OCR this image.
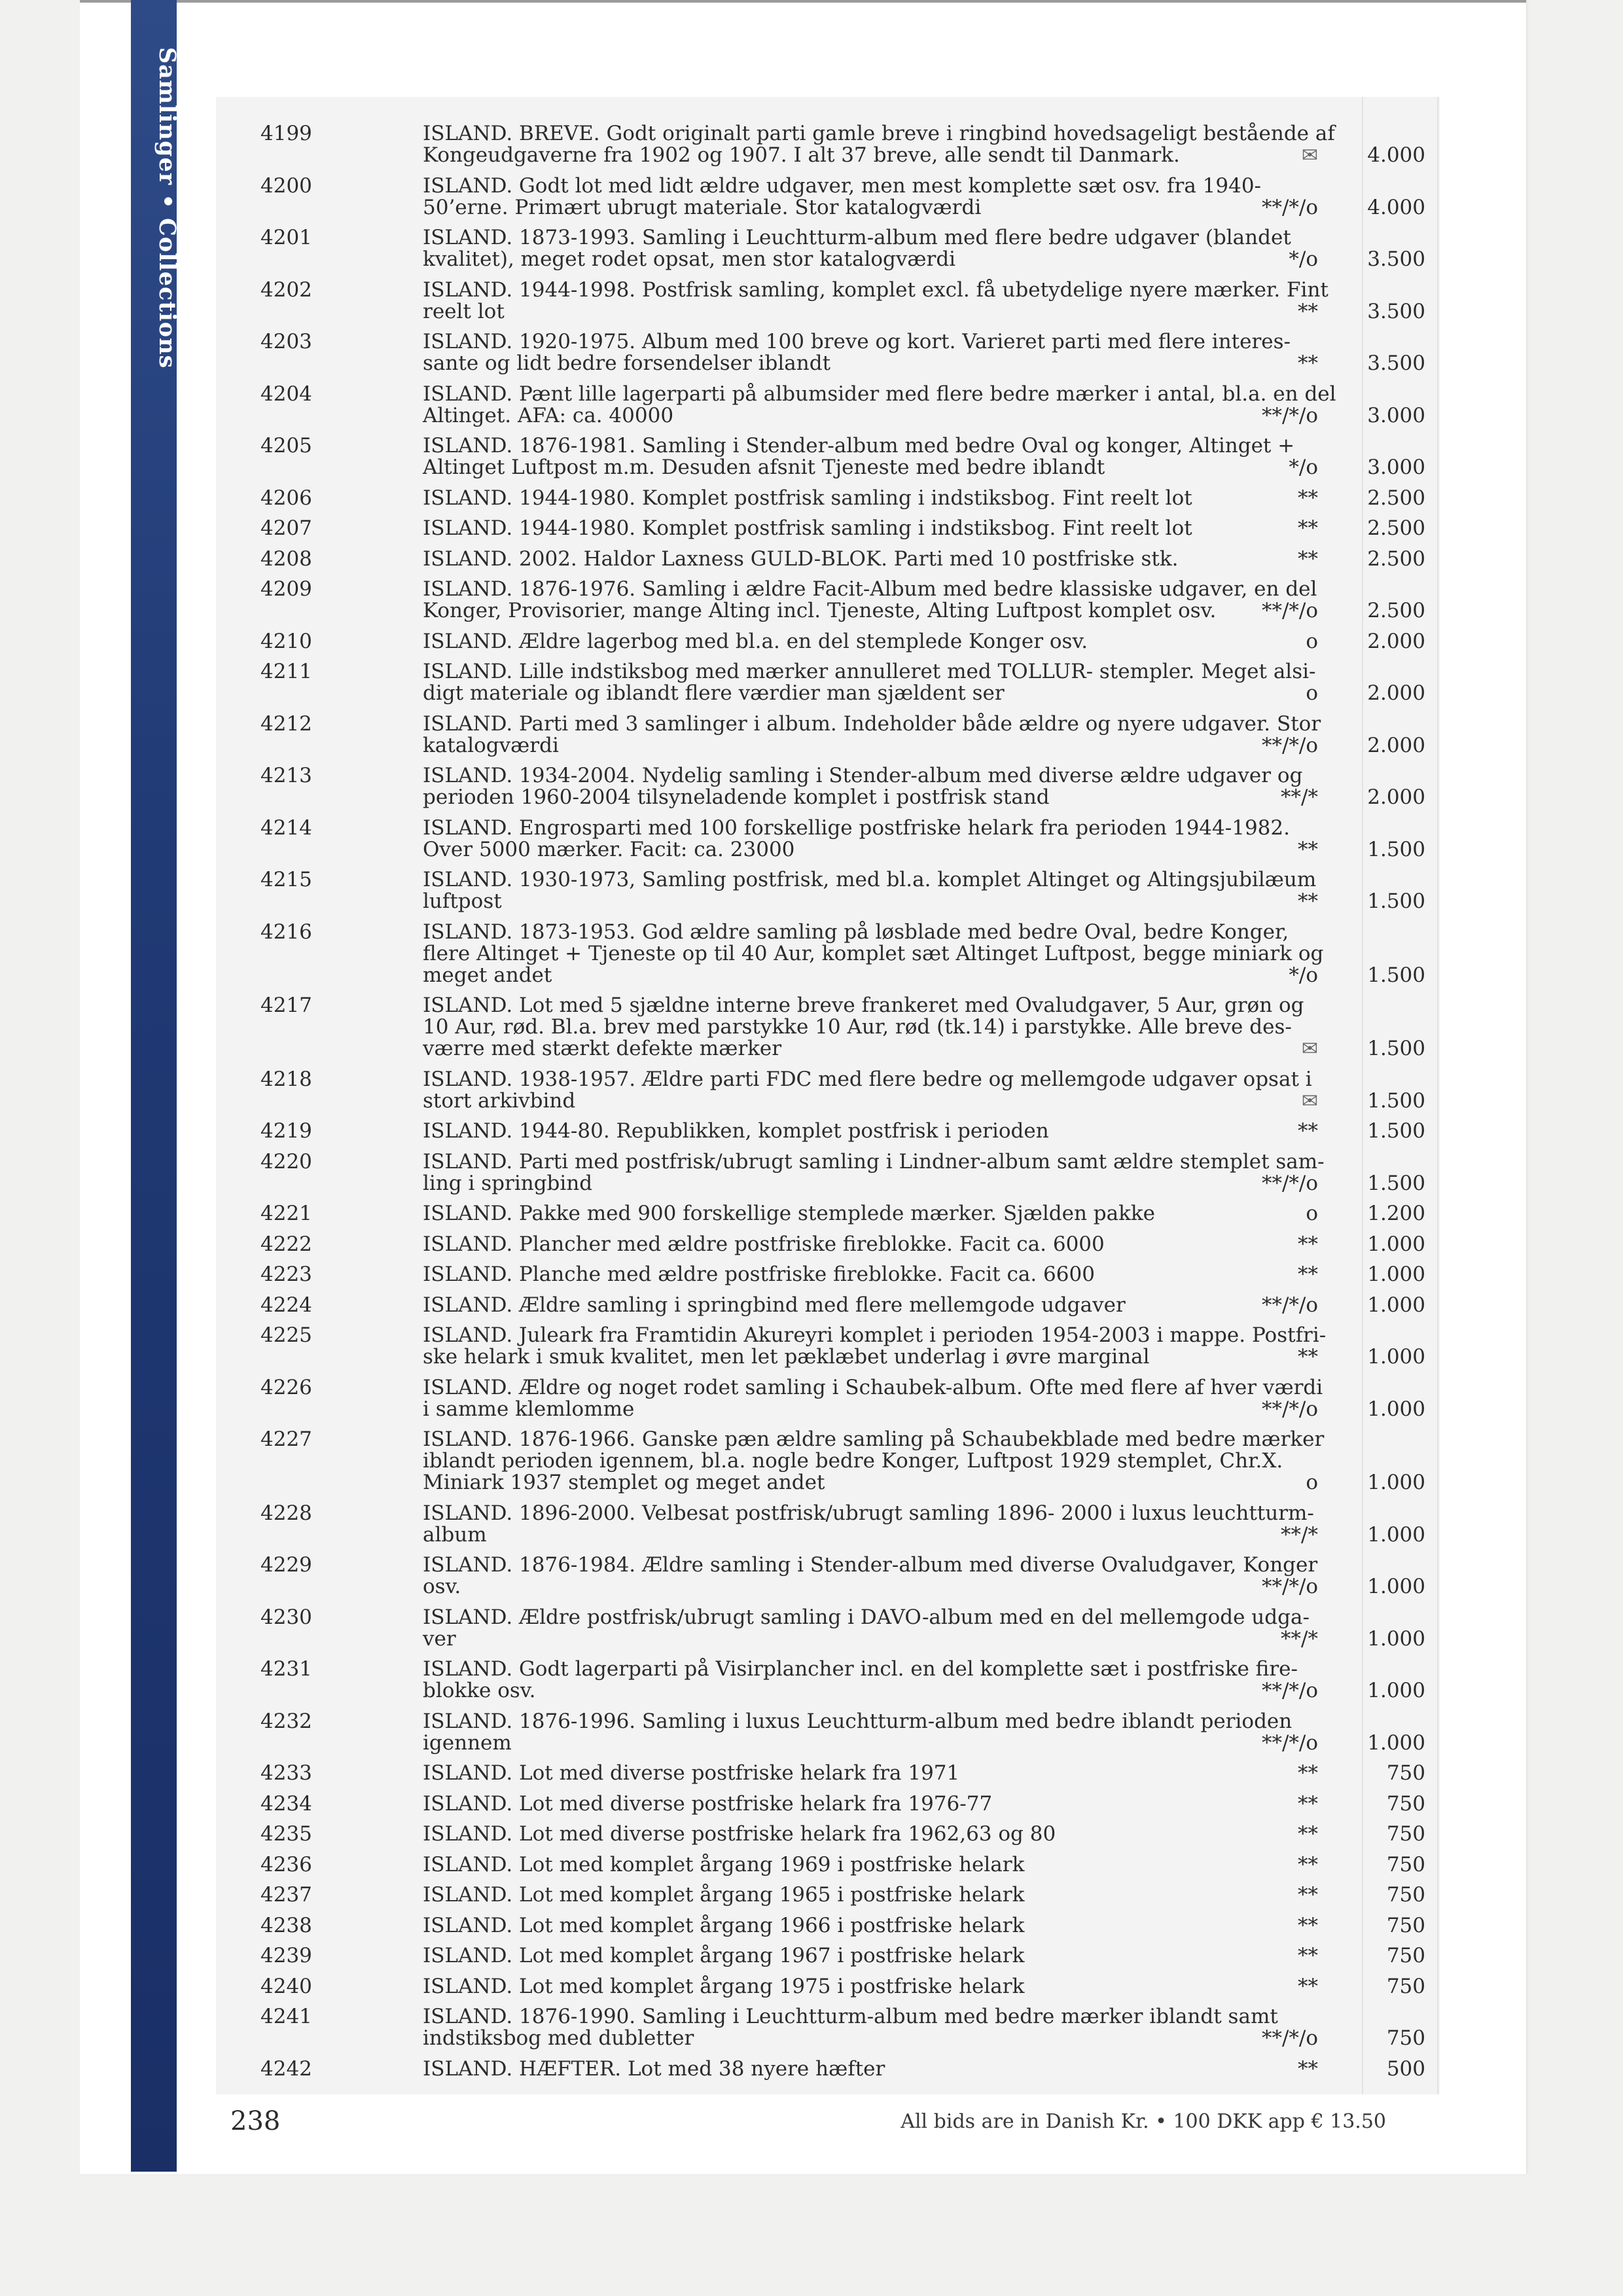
Samlinger • Collections	4199	ISLAND. BREVE. Godt originalt parti gamle breve i ringbind hovedsageligt bestående af
Kongeudgaverne fra 1902 og 1907. I alt 37 breve, alle sendt til Danmark.	✉ 4.000
4200	ISLAND. Godt lot med lidt ældre udgaver, men mest komplette sæt osv. fra 1940-
50’erne. Primært ubrugt materiale. Stor katalogværdi	**/*/o 4.000
4201	ISLAND. 1873-1993. Samling i Leuchtturm-album med flere bedre udgaver (blandet
kvalitet), meget rodet opsat, men stor katalogværdi	*/o 3.500
4202	ISLAND. 1944-1998. Postfrisk samling, komplet excl. få ubetydelige nyere mærker. Fint
reelt lot	** 3.500
4203	ISLAND. 1920-1975. Album med 100 breve og kort. Varieret parti med flere interes-
sante og lidt bedre forsendelser iblandt	** 3.500
4204	ISLAND. Pænt lille lagerparti på albumsider med flere bedre mærker i antal, bl.a. en del
Altinget. AFA: ca. 40000	**/*/o 3.000
4205	ISLAND. 1876-1981. Samling i Stender-album med bedre Oval og konger, Altinget +
Altinget Luftpost m.m. Desuden afsnit Tjeneste med bedre iblandt	*/o 3.000
4206	ISLAND. 1944-1980. Komplet postfrisk samling i indstiksbog. Fint reelt lot	** 2.500
4207	ISLAND. 1944-1980. Komplet postfrisk samling i indstiksbog. Fint reelt lot	** 2.500
4208	ISLAND. 2002. Haldor Laxness GULD-BLOK. Parti med 10 postfriske stk.	** 2.500
4209	ISLAND. 1876-1976. Samling i ældre Facit-Album med bedre klassiske udgaver, en del
Konger, Provisorier, mange Alting incl. Tjeneste, Alting Luftpost komplet osv.	**/*/o 2.500
4210	ISLAND. Ældre lagerbog med bl.a. en del stemplede Konger osv.	o 2.000
4211	ISLAND. Lille indstiksbog med mærker annulleret med TOLLUR- stempler. Meget alsi-
digt materiale og iblandt flere værdier man sjældent ser	o 2.000
4212	ISLAND. Parti med 3 samlinger i album. Indeholder både ældre og nyere udgaver. Stor
katalogværdi	**/*/o 2.000
4213	ISLAND. 1934-2004. Nydelig samling i Stender-album med diverse ældre udgaver og
perioden 1960-2004 tilsyneladende komplet i postfrisk stand	**/* 2.000
4214	ISLAND. Engrosparti med 100 forskellige postfriske helark fra perioden 1944-1982.
Over 5000 mærker. Facit: ca. 23000	** 1.500
4215	ISLAND. 1930-1973, Samling postfrisk, med bl.a. komplet Altinget og Altingsjubilæum
luftpost	** 1.500
4216	ISLAND. 1873-1953. God ældre samling på løsblade med bedre Oval, bedre Konger,
flere Altinget + Tjeneste op til 40 Aur, komplet sæt Altinget Luftpost, begge miniark og
meget andet	*/o 1.500
4217	ISLAND. Lot med 5 sjældne interne breve frankeret med Ovaludgaver, 5 Aur, grøn og
10 Aur, rød. Bl.a. brev med parstykke 10 Aur, rød (tk.14) i parstykke. Alle breve des-
værre med stærkt defekte mærker	✉ 1.500
4218	ISLAND. 1938-1957. Ældre parti FDC med flere bedre og mellemgode udgaver opsat i
stort arkivbind	✉ 1.500
4219	ISLAND. 1944-80. Republikken, komplet postfrisk i perioden	** 1.500
4220	ISLAND. Parti med postfrisk/ubrugt samling i Lindner-album samt ældre stemplet sam-
ling i springbind	**/*/o 1.500
4221	ISLAND. Pakke med 900 forskellige stemplede mærker. Sjælden pakke	o 1.200
4222	ISLAND. Plancher med ældre postfriske fireblokke. Facit ca. 6000	** 1.000
4223	ISLAND. Planche med ældre postfriske fireblokke. Facit ca. 6600	** 1.000
4224	ISLAND. Ældre samling i springbind med flere mellemgode udgaver	**/*/o 1.000
4225	ISLAND. Juleark fra Framtidin Akureyri komplet i perioden 1954-2003 i mappe. Postfri-
ske helark i smuk kvalitet, men let pæklæbet underlag i øvre marginal	** 1.000
4226	ISLAND. Ældre og noget rodet samling i Schaubek-album. Ofte med flere af hver værdi
i samme klemlomme	**/*/o 1.000
4227	ISLAND. 1876-1966. Ganske pæn ældre samling på Schaubekblade med bedre mærker
iblandt perioden igennem, bl.a. nogle bedre Konger, Luftpost 1929 stemplet, Chr.X.
Miniark 1937 stemplet og meget andet	o 1.000
4228	ISLAND. 1896-2000. Velbesat postfrisk/ubrugt samling 1896- 2000 i luxus leuchtturm-
album	**/* 1.000
4229	ISLAND. 1876-1984. Ældre samling i Stender-album med diverse Ovaludgaver, Konger
osv.	**/*/o 1.000
4230	ISLAND. Ældre postfrisk/ubrugt samling i DAVO-album med en del mellemgode udga-
ver	**/* 1.000
4231	ISLAND. Godt lagerparti på Visirplancher incl. en del komplette sæt i postfriske fire-
blokke osv.	**/*/o 1.000
4232	ISLAND. 1876-1996. Samling i luxus Leuchtturm-album med bedre iblandt perioden
igennem	**/*/o 1.000
4233	ISLAND. Lot med diverse postfriske helark fra 1971	**	750
4234	ISLAND. Lot med diverse postfriske helark fra 1976-77	**	750
4235	ISLAND. Lot med diverse postfriske helark fra 1962,63 og 80	**	750
4236	ISLAND. Lot med komplet årgang 1969 i postfriske helark	**	750
4237	ISLAND. Lot med komplet årgang 1965 i postfriske helark	**	750
4238	ISLAND. Lot med komplet årgang 1966 i postfriske helark	**	750
4239	ISLAND. Lot med komplet årgang 1967 i postfriske helark	**	750
4240	ISLAND. Lot med komplet årgang 1975 i postfriske helark	**	750
4241	ISLAND. 1876-1990. Samling i Leuchtturm-album med bedre mærker iblandt samt
indstiksbog med dubletter	**/*/o	750
4242	ISLAND. HÆFTER. Lot med 38 nyere hæfter	**	500
238	All bids are in Danish Kr. • 100 DKK app € 13.50
